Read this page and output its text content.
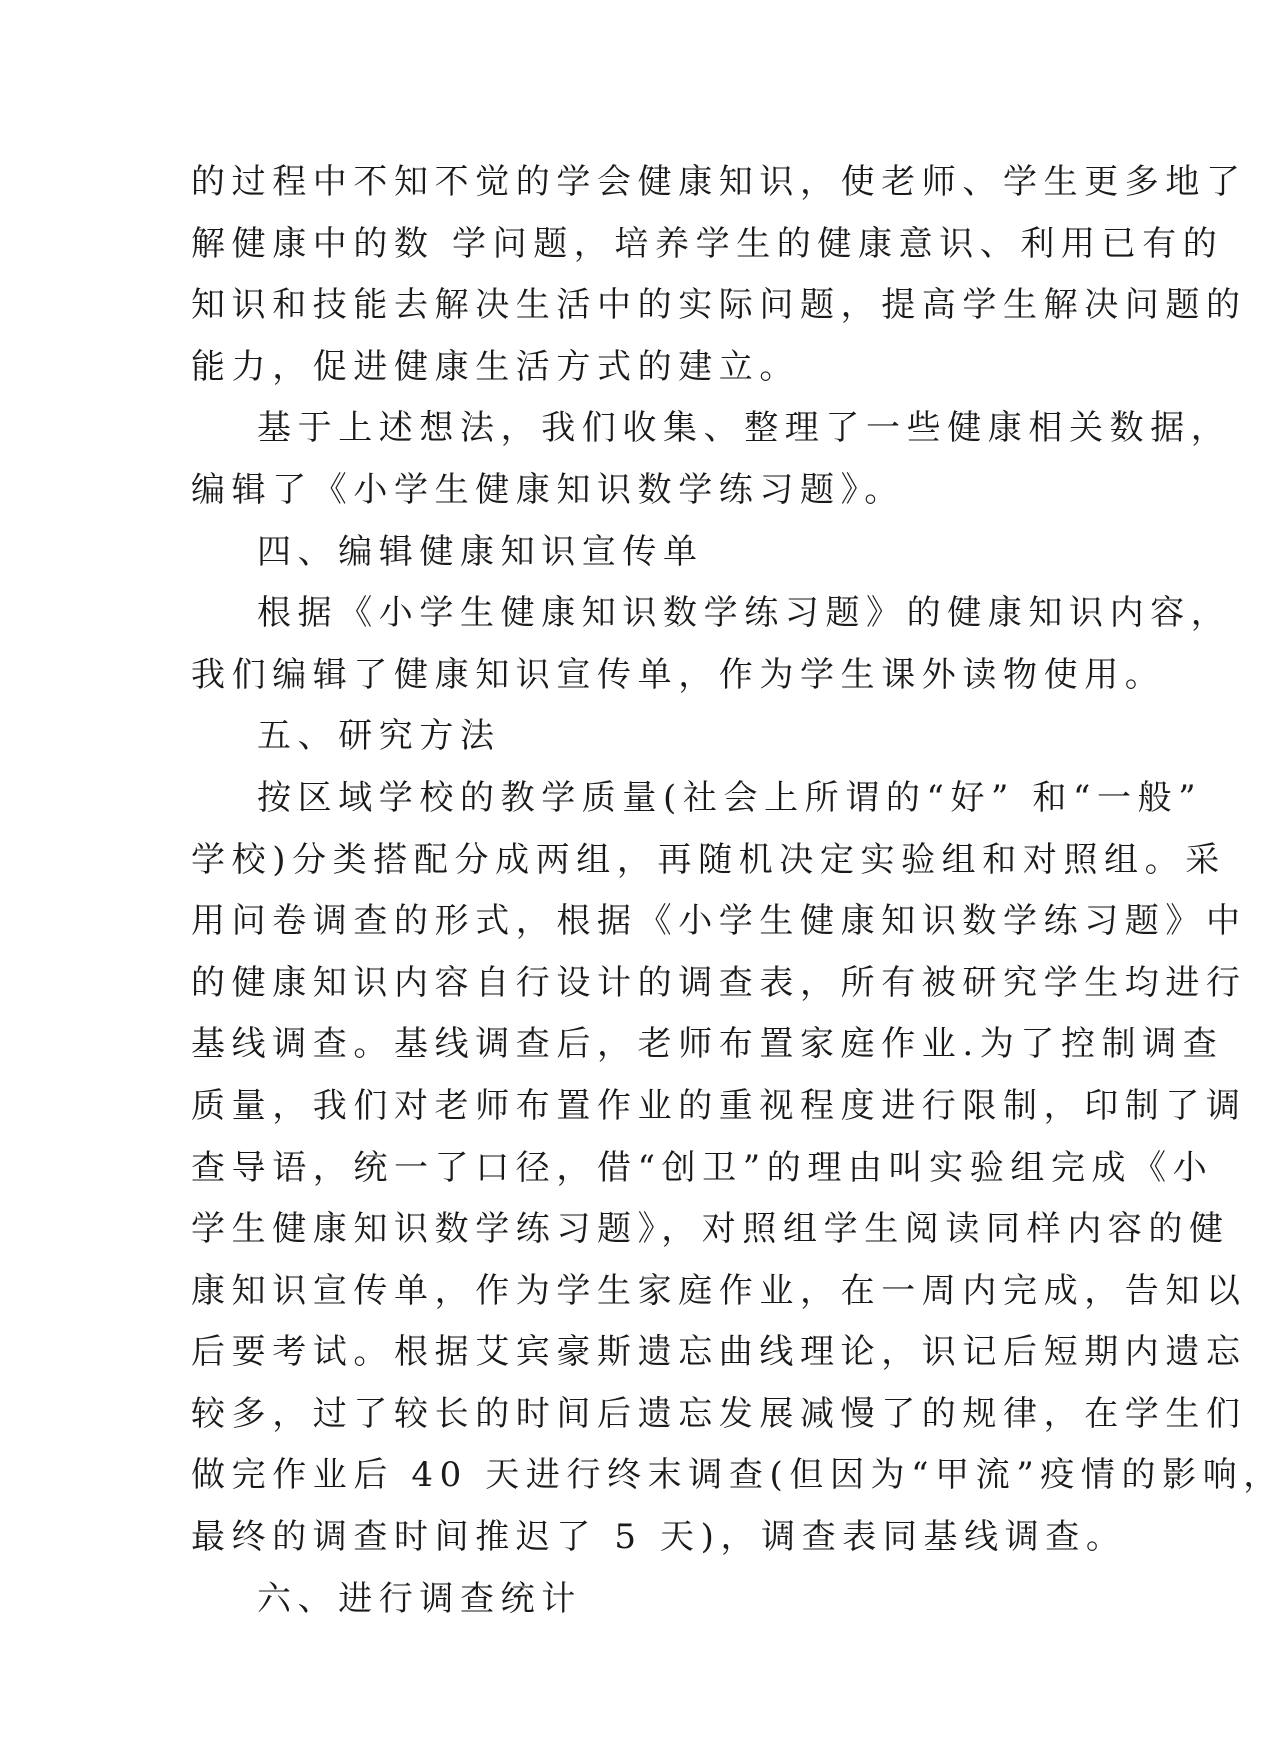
的过程中不知不觉的学会健康知识，使老师、学生更多地了
解健康中的数 学问题，培养学生的健康意识、利用已有的
知识和技能去解决生活中的实际问题，提高学生解决问题的
能力，促进健康生活方式的建立。
基于上述想法，我们收集、整理了一些健康相关数据，
编辑了《小学生健康知识数学练习题》。
四、编辑健康知识宣传单
根据《小学生健康知识数学练习题》的健康知识内容，
我们编辑了健康知识宣传单，作为学生课外读物使用。
五、研究方法
按区域学校的教学质量(社会上所谓的“好” 和“一般”
学校)分类搭配分成两组，再随机决定实验组和对照组。采
用问卷调查的形式，根据《小学生健康知识数学练习题》中
的健康知识内容自行设计的调查表，所有被研究学生均进行
基线调查。基线调查后，老师布置家庭作业.为了控制调查
质量，我们对老师布置作业的重视程度进行限制，印制了调
查导语，统一了口径，借“创卫”的理由叫实验组完成《小
学生健康知识数学练习题》，对照组学生阅读同样内容的健
康知识宣传单，作为学生家庭作业，在一周内完成，告知以
后要考试。根据艾宾豪斯遗忘曲线理论，识记后短期内遗忘
较多，过了较长的时间后遗忘发展减慢了的规律，在学生们
做完作业后 40 天进行终末调查(但因为“甲流”疫情的影响，
最终的调查时间推迟了 5 天)，调查表同基线调查。
六、进行调查统计
